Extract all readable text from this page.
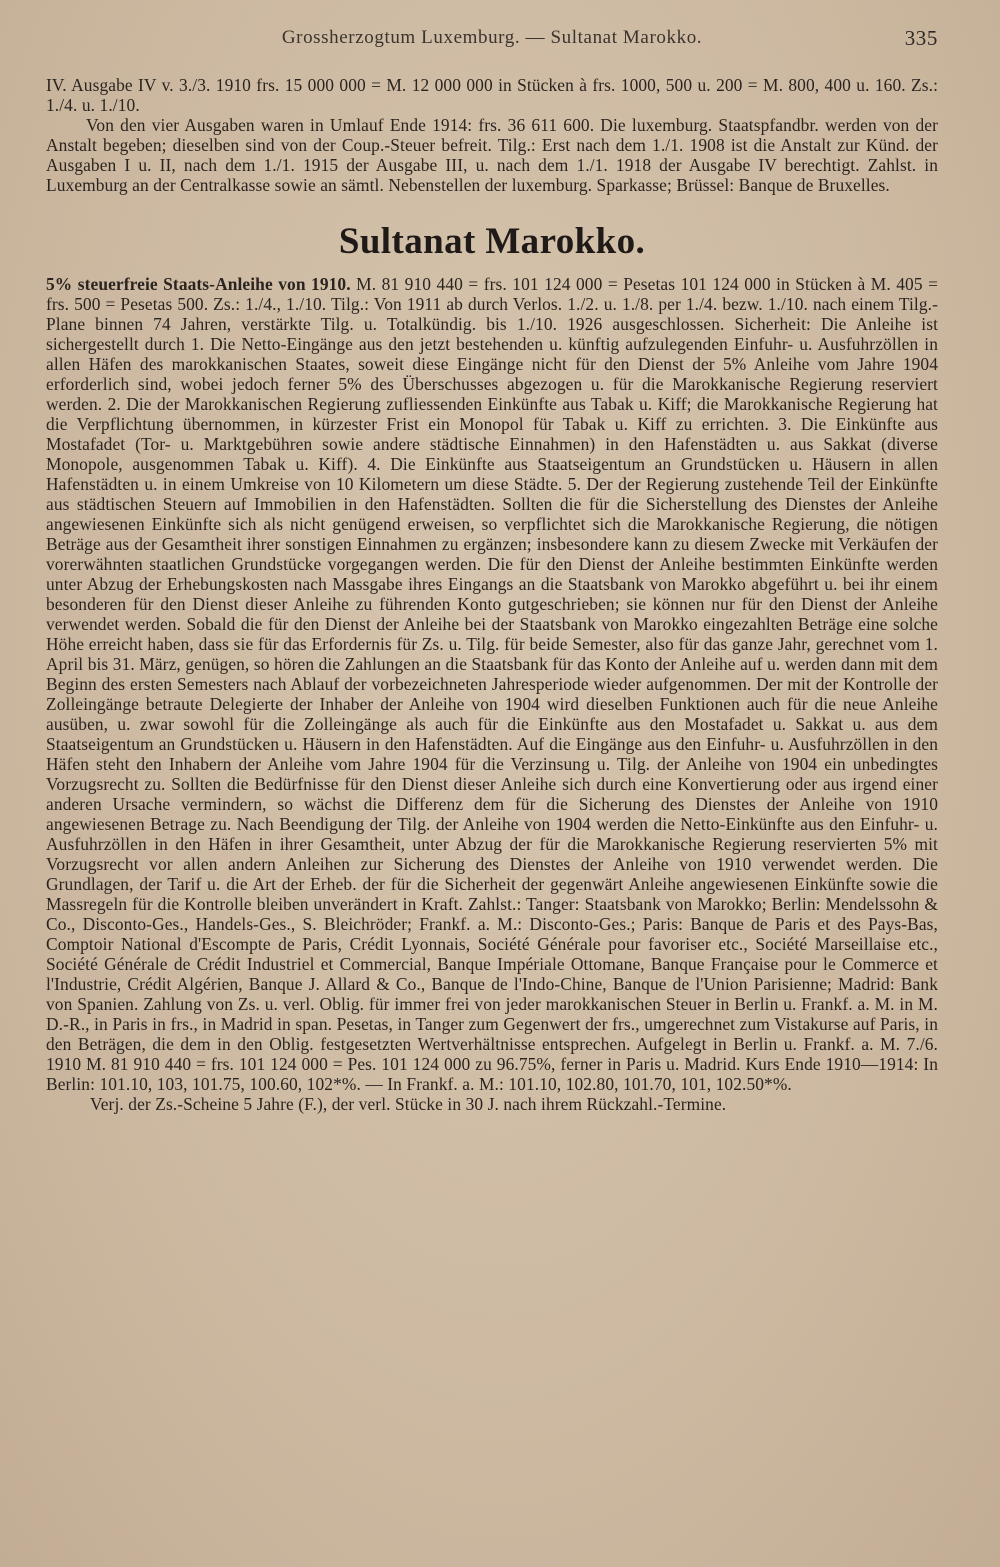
Grossherzogtum Luxemburg. — Sultanat Marokko.	335

IV. Ausgabe IV v. 3./3. 1910 frs. 15 000 000 = M. 12 000 000 in Stücken à frs. 1000, 500 u. 200 = M. 800, 400 u. 160. Zs.: 1./4. u. 1./10.

Von den vier Ausgaben waren in Umlauf Ende 1914: frs. 36 611 600. Die luxemburg. Staatspfandbr. werden von der Anstalt begeben; dieselben sind von der Coup.-Steuer befreit. Tilg.: Erst nach dem 1./1. 1908 ist die Anstalt zur Künd. der Ausgaben I u. II, nach dem 1./1. 1915 der Ausgabe III, u. nach dem 1./1. 1918 der Ausgabe IV berechtigt. Zahlst. in Luxemburg an der Centralkasse sowie an sämtl. Nebenstellen der luxemburg. Sparkasse; Brüssel: Banque de Bruxelles.

Sultanat Marokko.

5% steuerfreie Staats-Anleihe von 1910. M. 81 910 440 = frs. 101 124 000 = Pesetas 101 124 000 in Stücken à M. 405 = frs. 500 = Pesetas 500. Zs.: 1./4., 1./10. Tilg.: Von 1911 ab durch Verlos. 1./2. u. 1./8. per 1./4. bezw. 1./10. nach einem Tilg.-Plane binnen 74 Jahren, verstärkte Tilg. u. Totalkündig. bis 1./10. 1926 ausgeschlossen. Sicherheit: Die Anleihe ist sichergestellt durch 1. Die Netto-Eingänge aus den jetzt bestehenden u. künftig aufzulegenden Einfuhr- u. Ausfuhrzöllen in allen Häfen des marokkanischen Staates, soweit diese Eingänge nicht für den Dienst der 5% Anleihe vom Jahre 1904 erforderlich sind, wobei jedoch ferner 5% des Überschusses abgezogen u. für die Marokkanische Regierung reserviert werden. 2. Die der Marokkanischen Regierung zufliessenden Einkünfte aus Tabak u. Kiff; die Marokkanische Regierung hat die Verpflichtung übernommen, in kürzester Frist ein Monopol für Tabak u. Kiff zu errichten. 3. Die Einkünfte aus Mostafadet (Tor- u. Marktgebühren sowie andere städtische Einnahmen) in den Hafenstädten u. aus Sakkat (diverse Monopole, ausgenommen Tabak u. Kiff). 4. Die Einkünfte aus Staatseigentum an Grundstücken u. Häusern in allen Hafenstädten u. in einem Umkreise von 10 Kilometern um diese Städte. 5. Der der Regierung zustehende Teil der Einkünfte aus städtischen Steuern auf Immobilien in den Hafenstädten. Sollten die für die Sicherstellung des Dienstes der Anleihe angewiesenen Einkünfte sich als nicht genügend erweisen, so verpflichtet sich die Marokkanische Regierung, die nötigen Beträge aus der Gesamtheit ihrer sonstigen Einnahmen zu ergänzen; insbesondere kann zu diesem Zwecke mit Verkäufen der vorerwähnten staatlichen Grundstücke vorgegangen werden. Die für den Dienst der Anleihe bestimmten Einkünfte werden unter Abzug der Erhebungskosten nach Massgabe ihres Eingangs an die Staatsbank von Marokko abgeführt u. bei ihr einem besonderen für den Dienst dieser Anleihe zu führenden Konto gutgeschrieben; sie können nur für den Dienst der Anleihe verwendet werden. Sobald die für den Dienst der Anleihe bei der Staatsbank von Marokko eingezahlten Beträge eine solche Höhe erreicht haben, dass sie für das Erfordernis für Zs. u. Tilg. für beide Semester, also für das ganze Jahr, gerechnet vom 1. April bis 31. März, genügen, so hören die Zahlungen an die Staatsbank für das Konto der Anleihe auf u. werden dann mit dem Beginn des ersten Semesters nach Ablauf der vorbezeichneten Jahresperiode wieder aufgenommen. Der mit der Kontrolle der Zolleingänge betraute Delegierte der Inhaber der Anleihe von 1904 wird dieselben Funktionen auch für die neue Anleihe ausüben, u. zwar sowohl für die Zolleingänge als auch für die Einkünfte aus den Mostafadet u. Sakkat u. aus dem Staatseigentum an Grundstücken u. Häusern in den Hafenstädten. Auf die Eingänge aus den Einfuhr- u. Ausfuhrzöllen in den Häfen steht den Inhabern der Anleihe vom Jahre 1904 für die Verzinsung u. Tilg. der Anleihe von 1904 ein unbedingtes Vorzugsrecht zu. Sollten die Bedürfnisse für den Dienst dieser Anleihe sich durch eine Konvertierung oder aus irgend einer anderen Ursache vermindern, so wächst die Differenz dem für die Sicherung des Dienstes der Anleihe von 1910 angewiesenen Betrage zu. Nach Beendigung der Tilg. der Anleihe von 1904 werden die Netto-Einkünfte aus den Einfuhr- u. Ausfuhrzöllen in den Häfen in ihrer Gesamtheit, unter Abzug der für die Marokkanische Regierung reservierten 5% mit Vorzugsrecht vor allen andern Anleihen zur Sicherung des Dienstes der Anleihe von 1910 verwendet werden. Die Grundlagen, der Tarif u. die Art der Erheb. der für die Sicherheit der gegenwärt Anleihe angewiesenen Einkünfte sowie die Massregeln für die Kontrolle bleiben unverändert in Kraft. Zahlst.: Tanger: Staatsbank von Marokko; Berlin: Mendelssohn & Co., Disconto-Ges., Handels-Ges., S. Bleichröder; Frankf. a. M.: Disconto-Ges.; Paris: Banque de Paris et des Pays-Bas, Comptoir National d'Escompte de Paris, Crédit Lyonnais, Société Générale pour favoriser etc., Société Marseillaise etc., Société Générale de Crédit Industriel et Commercial, Banque Impériale Ottomane, Banque Française pour le Commerce et l'Industrie, Crédit Algérien, Banque J. Allard & Co., Banque de l'Indo-Chine, Banque de l'Union Parisienne; Madrid: Bank von Spanien. Zahlung von Zs. u. verl. Oblig. für immer frei von jeder marokkanischen Steuer in Berlin u. Frankf. a. M. in M. D.-R., in Paris in frs., in Madrid in span. Pesetas, in Tanger zum Gegenwert der frs., umgerechnet zum Vistakurse auf Paris, in den Beträgen, die dem in den Oblig. festgesetzten Wertverhältnisse entsprechen. Aufgelegt in Berlin u. Frankf. a. M. 7./6. 1910 M. 81 910 440 = frs. 101 124 000 = Pes. 101 124 000 zu 96.75%, ferner in Paris u. Madrid. Kurs Ende 1910—1914: In Berlin: 101.10, 103, 101.75, 100.60, 102*%. — In Frankf. a. M.: 101.10, 102.80, 101.70, 101, 102.50*%.

Verj. der Zs.-Scheine 5 Jahre (F.), der verl. Stücke in 30 J. nach ihrem Rückzahl.-Termine.
